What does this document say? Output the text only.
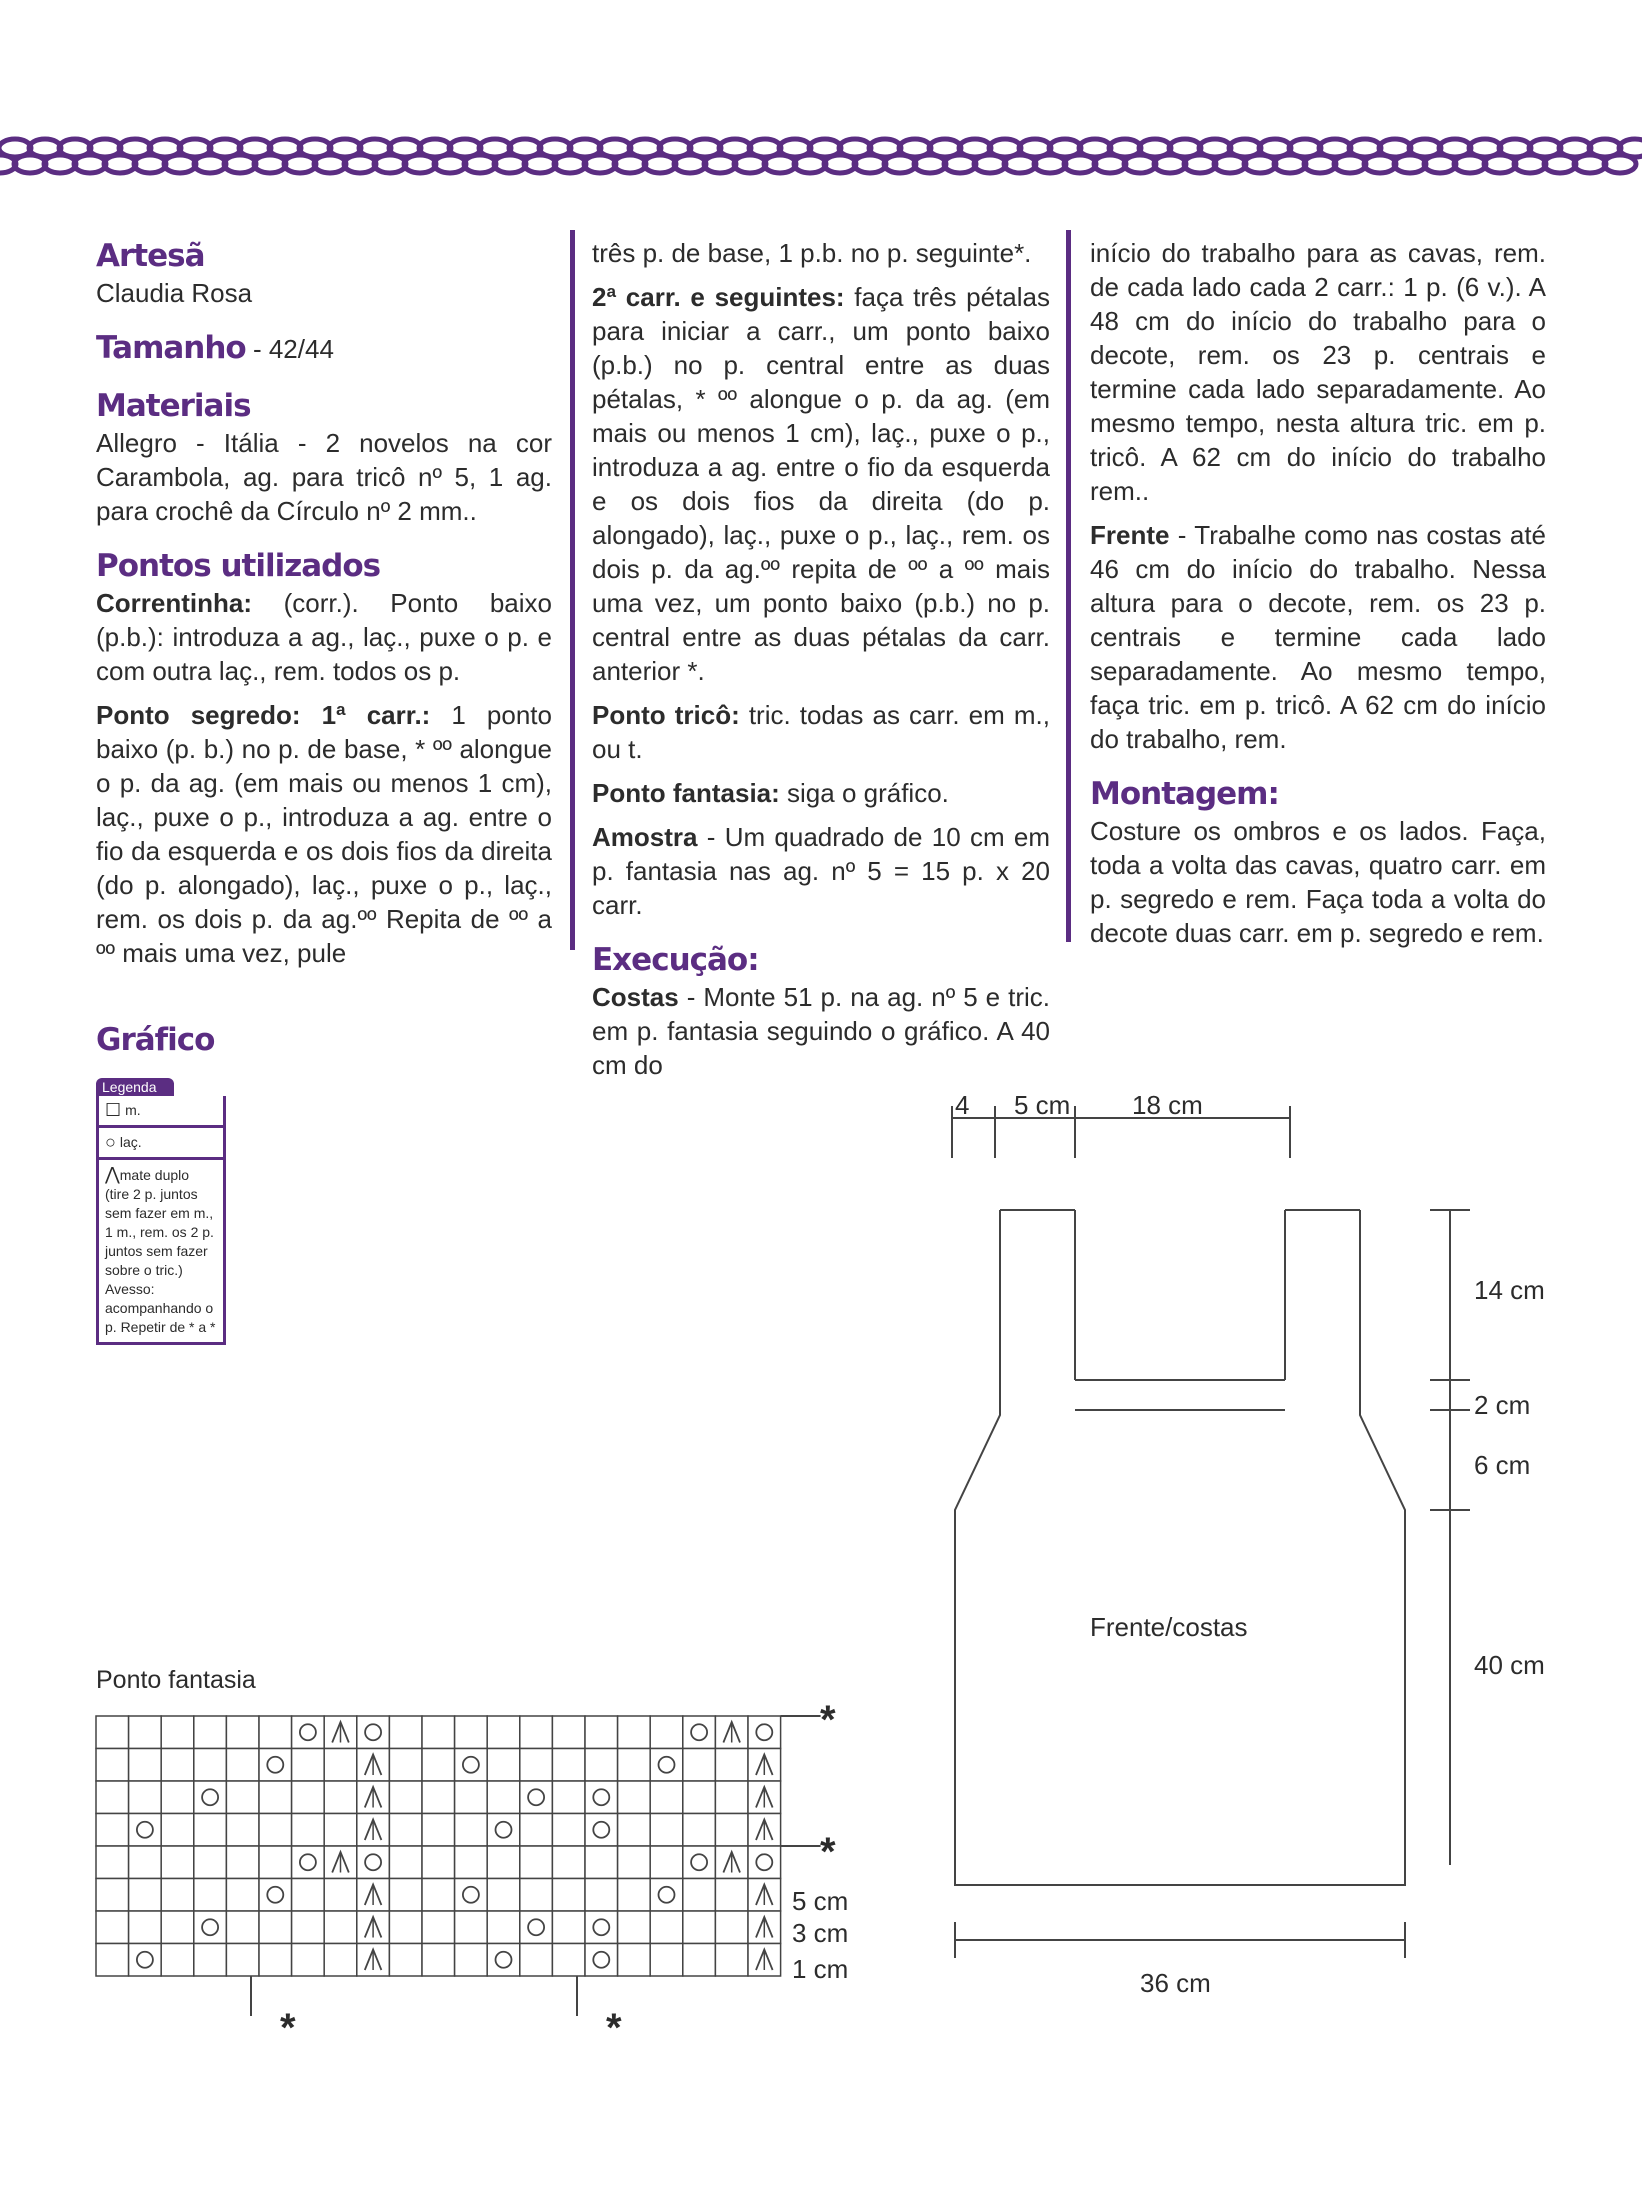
Artesã

Claudia Rosa

Tamanho - 42/44

Materiais

Allegro - Itália - 2 novelos na cor Carambola, ag. para tricô nº 5, 1 ag. para crochê da Círculo nº 2 mm..

Pontos utilizados

Correntinha: (corr.). Ponto baixo (p.b.): introduza a ag., laç., puxe o p. e com outra laç., rem. todos os p.

Ponto segredo: 1ª carr.: 1 ponto baixo (p. b.) no p. de base, * ºº alongue o p. da ag. (em mais ou menos 1 cm), laç., puxe o p., introduza a ag. entre o fio da esquerda e os dois fios da direita (do p. alongado), laç., puxe o p., laç., rem. os dois p. da ag.ºº Repita de ºº a ºº mais uma vez, pule

três p. de base, 1 p.b. no p. seguinte*.

2ª carr. e seguintes: faça três pétalas para iniciar a carr., um ponto baixo (p.b.) no p. central entre as duas pétalas, * ºº alongue o p. da ag. (em mais ou menos 1 cm), laç., puxe o p., introduza a ag. entre o fio da esquerda e os dois fios da direita (do p. alongado), laç., puxe o p., laç., rem. os dois p. da ag.ºº repita de ºº a ºº mais uma vez, um ponto baixo (p.b.) no p. central entre as duas pétalas da carr. anterior *.

Ponto tricô: tric. todas as carr. em m., ou t.

Ponto fantasia: siga o gráfico.

Amostra - Um quadrado de 10 cm em p. fantasia nas ag. nº 5 = 15 p. x 20 carr.

Execução:

Costas - Monte 51 p. na ag. nº 5 e tric. em p. fantasia seguindo o gráfico. A 40 cm do

início do trabalho para as cavas, rem. de cada lado cada 2 carr.: 1 p. (6 v.). A 48 cm do início do trabalho para o decote, rem. os 23 p. centrais e termine cada lado separadamente. Ao mesmo tempo, nesta altura tric. em p. tricô. A 62 cm do início do trabalho rem..

Frente - Trabalhe como nas costas até 46 cm do início do trabalho. Nessa altura para o decote, rem. os 23 p. centrais e termine cada lado separadamente. Ao mesmo tempo, faça tric. em p. tricô. A 62 cm do início do trabalho, rem.

Montagem:

Costure os ombros e os lados. Faça, toda a volta das cavas, quatro carr. em p. segredo e rem. Faça toda a volta do decote duas carr. em p. segredo e rem.

Gráfico
Legenda
☐ m.
○ laç.
⋀mate duplo (tire 2 p. juntos sem fazer em m., 1 m., rem. os 2 p. juntos sem fazer sobre o tric.) Avesso: acompanhando o p. Repetir de * a *
Ponto fantasia
5 cm
3 cm
1 cm
*
*
*	*
4 5 cm 18 cm
14 cm
2 cm
6 cm
40 cm
36 cm
Frente/costas
